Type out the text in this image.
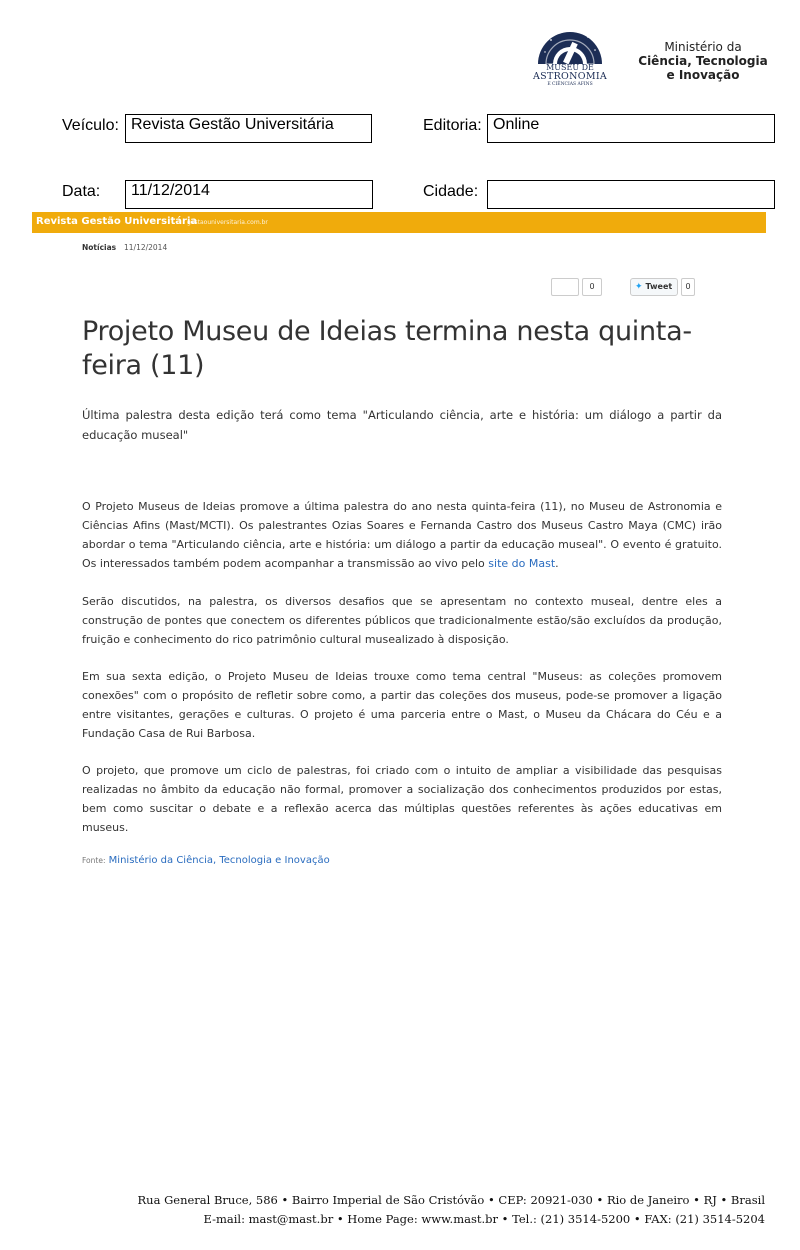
MUSEU DE
ASTRONOMIA
E CIÊNCIAS AFINS
Ministério da
Ciência, Tecnologia
e Inovação
Veículo: Revista Gestão Universitária	Editoria: Online
Data:	11/12/2014	Cidade:
Revista Gestão Universitária
gestaouniversitaria.com.br
Notícias 11/12/2014
0	✦ Tweet	0
Projeto Museu de Ideias termina nesta quinta-feira (11)
Última palestra desta edição terá como tema "Articulando ciência, arte e história: um diálogo a partir da educação museal"
O Projeto Museus de Ideias promove a última palestra do ano nesta quinta-feira (11), no Museu de Astronomia e Ciências Afins (Mast/MCTI). Os palestrantes Ozias Soares e Fernanda Castro dos Museus Castro Maya (CMC) irão abordar o tema "Articulando ciência, arte e história: um diálogo a partir da educação museal". O evento é gratuito. Os interessados também podem acompanhar a transmissão ao vivo pelo site do Mast.
Serão discutidos, na palestra, os diversos desafios que se apresentam no contexto museal, dentre eles a construção de pontes que conectem os diferentes públicos que tradicionalmente estão/são excluídos da produção, fruição e conhecimento do rico patrimônio cultural musealizado à disposição.
Em sua sexta edição, o Projeto Museu de Ideias trouxe como tema central "Museus: as coleções promovem conexões" com o propósito de refletir sobre como, a partir das coleções dos museus, pode-se promover a ligação entre visitantes, gerações e culturas. O projeto é uma parceria entre o Mast, o Museu da Chácara do Céu e a Fundação Casa de Rui Barbosa.
O projeto, que promove um ciclo de palestras, foi criado com o intuito de ampliar a visibilidade das pesquisas realizadas no âmbito da educação não formal, promover a socialização dos conhecimentos produzidos por estas, bem como suscitar o debate e a reflexão acerca das múltiplas questões referentes às ações educativas em museus.
Fonte: Ministério da Ciência, Tecnologia e Inovação
Rua General Bruce, 586 • Bairro Imperial de São Cristóvão • CEP: 20921-030 • Rio de Janeiro • RJ • Brasil
E-mail: mast@mast.br • Home Page: www.mast.br • Tel.: (21) 3514-5200 • FAX: (21) 3514-5204
